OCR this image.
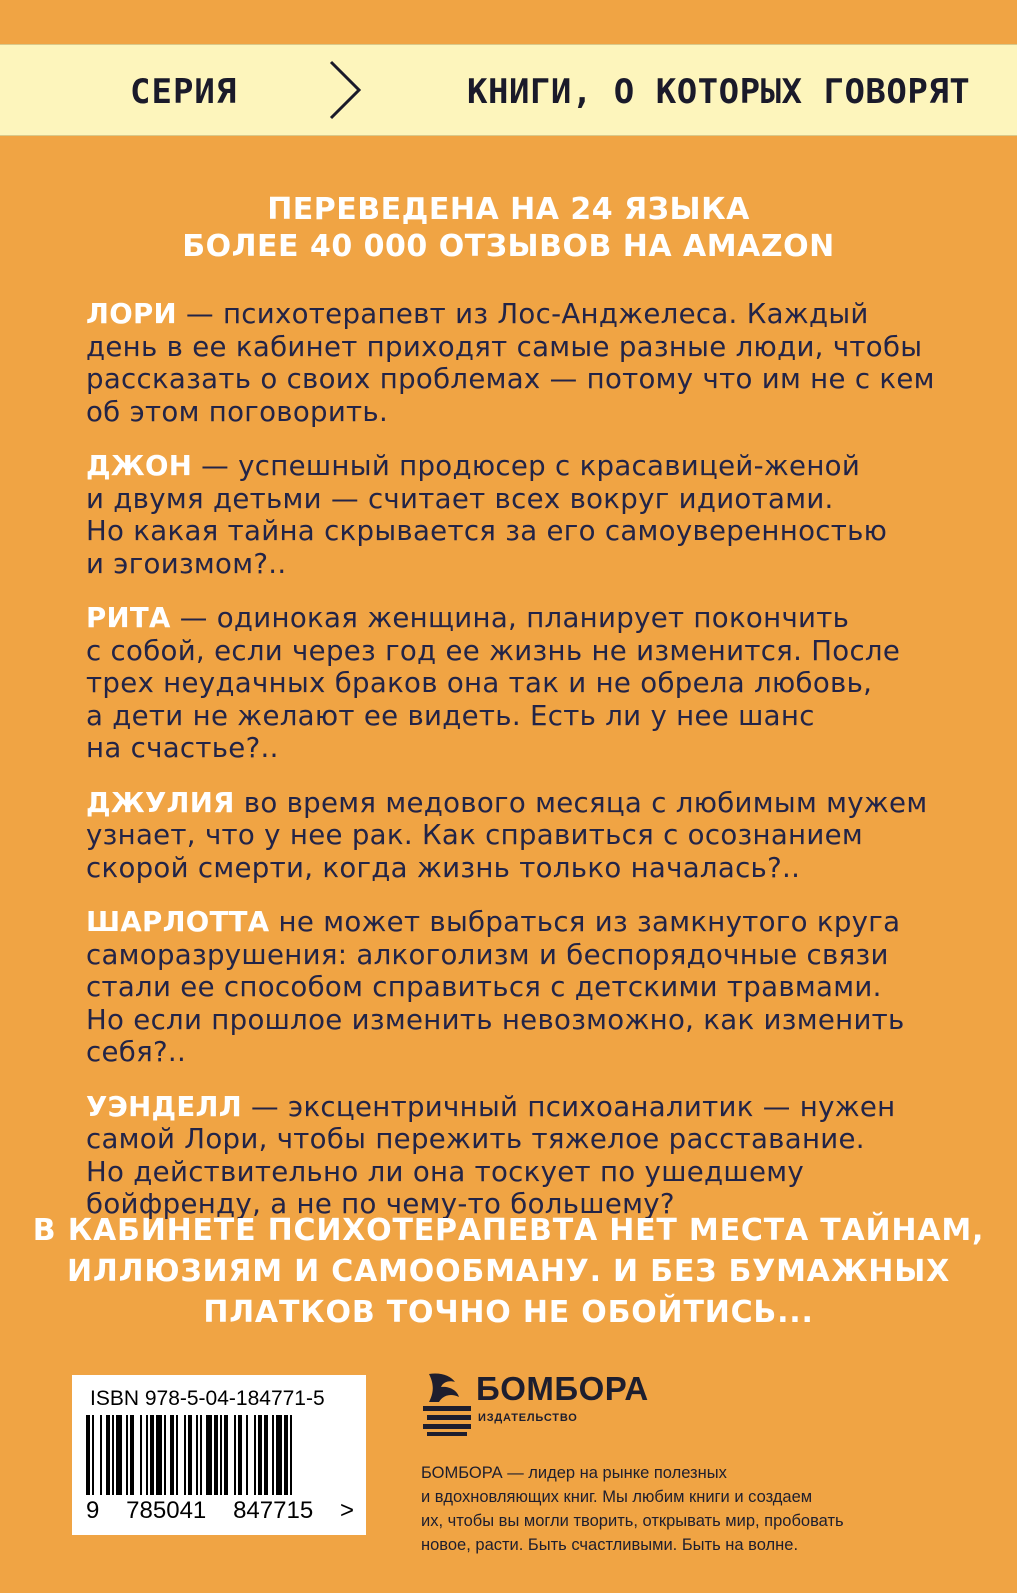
СЕРИЯ	КНИГИ, О КОТОРЫХ ГОВОРЯТ
ПЕРЕВЕДЕНА НА 24 ЯЗЫКА
БОЛЕЕ 40 000 ОТЗЫВОВ НА AMAZON

ЛОРИ — психотерапевт из Лос-Анджелеса. Каждый
день в ее кабинет приходят самые разные люди, чтобы
рассказать о своих проблемах — потому что им не с кем
об этом поговорить.

ДЖОН — успешный продюсер с красавицей-женой
и двумя детьми — считает всех вокруг идиотами.
Но какая тайна скрывается за его самоуверенностью
и эгоизмом?..

РИТА — одинокая женщина, планирует покончить
с собой, если через год ее жизнь не изменится. После
трех неудачных браков она так и не обрела любовь,
а дети не желают ее видеть. Есть ли у нее шанс
на счастье?..

ДЖУЛИЯ во время медового месяца с любимым мужем
узнает, что у нее рак. Как справиться с осознанием
скорой смерти, когда жизнь только началась?..

ШАРЛОТТА не может выбраться из замкнутого круга
саморазрушения: алкоголизм и беспорядочные связи
стали ее способом справиться с детскими травмами.
Но если прошлое изменить невозможно, как изменить
себя?..

УЭНДЕЛЛ — эксцентричный психоаналитик — нужен
самой Лори, чтобы пережить тяжелое расставание.
Но действительно ли она тоскует по ушедшему
бойфренду, а не по чему-то большему?

В КАБИНЕТЕ ПСИХОТЕРАПЕВТА НЕТ МЕСТА ТАЙНАМ,
ИЛЛЮЗИЯМ И САМООБМАНУ. И БЕЗ БУМАЖНЫХ
ПЛАТКОВ ТОЧНО НЕ ОБОЙТИСЬ...
ISBN 978-5-04-184771-5
9 785041 847715 >
БОМБОРА
ИЗДАТЕЛЬСТВО
БОМБОРА — лидер на рынке полезных
и вдохновляющих книг. Мы любим книги и создаем
их, чтобы вы могли творить, открывать мир, пробовать
новое, расти. Быть счастливыми. Быть на волне.
